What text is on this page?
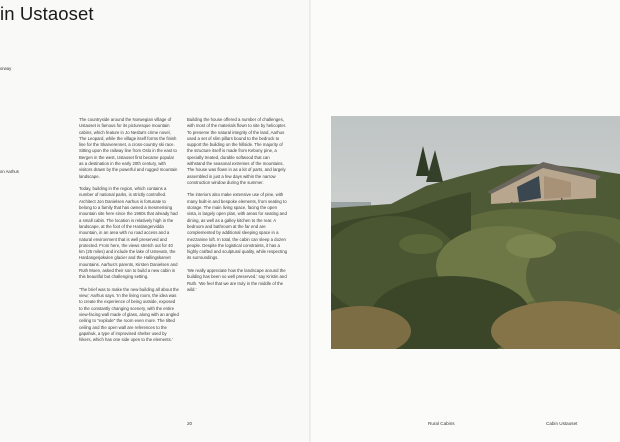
in Ustaoset
orway
on Aarhus

The countryside around the Norwegian village of Ustaoset is famous for its picturesque mountain cabins, which feature in Jo Nesbø's crime novel, The Leopard, while the village itself forms the finish line for the Skarverennet, a cross-country ski race. Sitting upon the railway line from Oslo in the east to Bergen in the west, Ustaoset first became popular as a destination in the early 20th century, with visitors drawn by the powerful and rugged mountain landscape.

Today, building in the region, which contains a number of national parks, is strictly controlled. Architect Jon Danielsen Aarhus is fortunate to belong to a family that has owned a mesmerising mountain site here since the 1960s that already had a small cabin. The location is relatively high in the landscape, at the foot of the Hardangervidda mountain, in an area with no road access and a natural environment that is well preserved and protected. From here, the views stretch out for 40 km (25 miles) and include the lake of Ustevatn, the Hardangerjøkulen glacier and the Hallingskarvet mountains. Aarhus's parents, Kirsten Danielsen and Ruth Moen, asked their son to build a new cabin in this beautiful but challenging setting.

'The brief was to make the new building all about the view,' Aarhus says. 'In the living room, the idea was to create the experience of being outside, exposed to the constantly changing scenery, with the entire view-facing wall made of glass, along with an angled ceiling to "explode" the room even more. The tilted ceiling and the open wall are references to the gapahuk, a type of improvised shelter used by hikers, which has one side open to the elements.'

Building the house offered a number of challenges, with most of the materials flown to site by helicopter. To preserve the natural integrity of the land, Aarhus used a set of slim pillars bound to the bedrock to support the building on the hillside. The majority of the structure itself is made from Kebony pine, a specially treated, durable softwood that can withstand the seasonal extremes of the mountains. The house was flown in as a kit of parts, and largely assembled in just a few days within the narrow construction window during the summer.

The interiors also make extensive use of pine, with many built-in and bespoke elements, from seating to storage. The main living space, facing the open vista, is largely open plan, with areas for seating and dining, as well as a galley kitchen to the rear. A bedroom and bathroom at the far end are complemented by additional sleeping space in a mezzanine loft. In total, the cabin can sleep a dozen people. Despite the logistical constraints, it has a highly crafted and sculptural quality, while respecting its surroundings.

'We really appreciate how the landscape around the building has been so well preserved,' say Kristin and Ruth. 'We feel that we are truly in the middle of the wild.'

20	Rural Cabins	Cabin Ustaoset
